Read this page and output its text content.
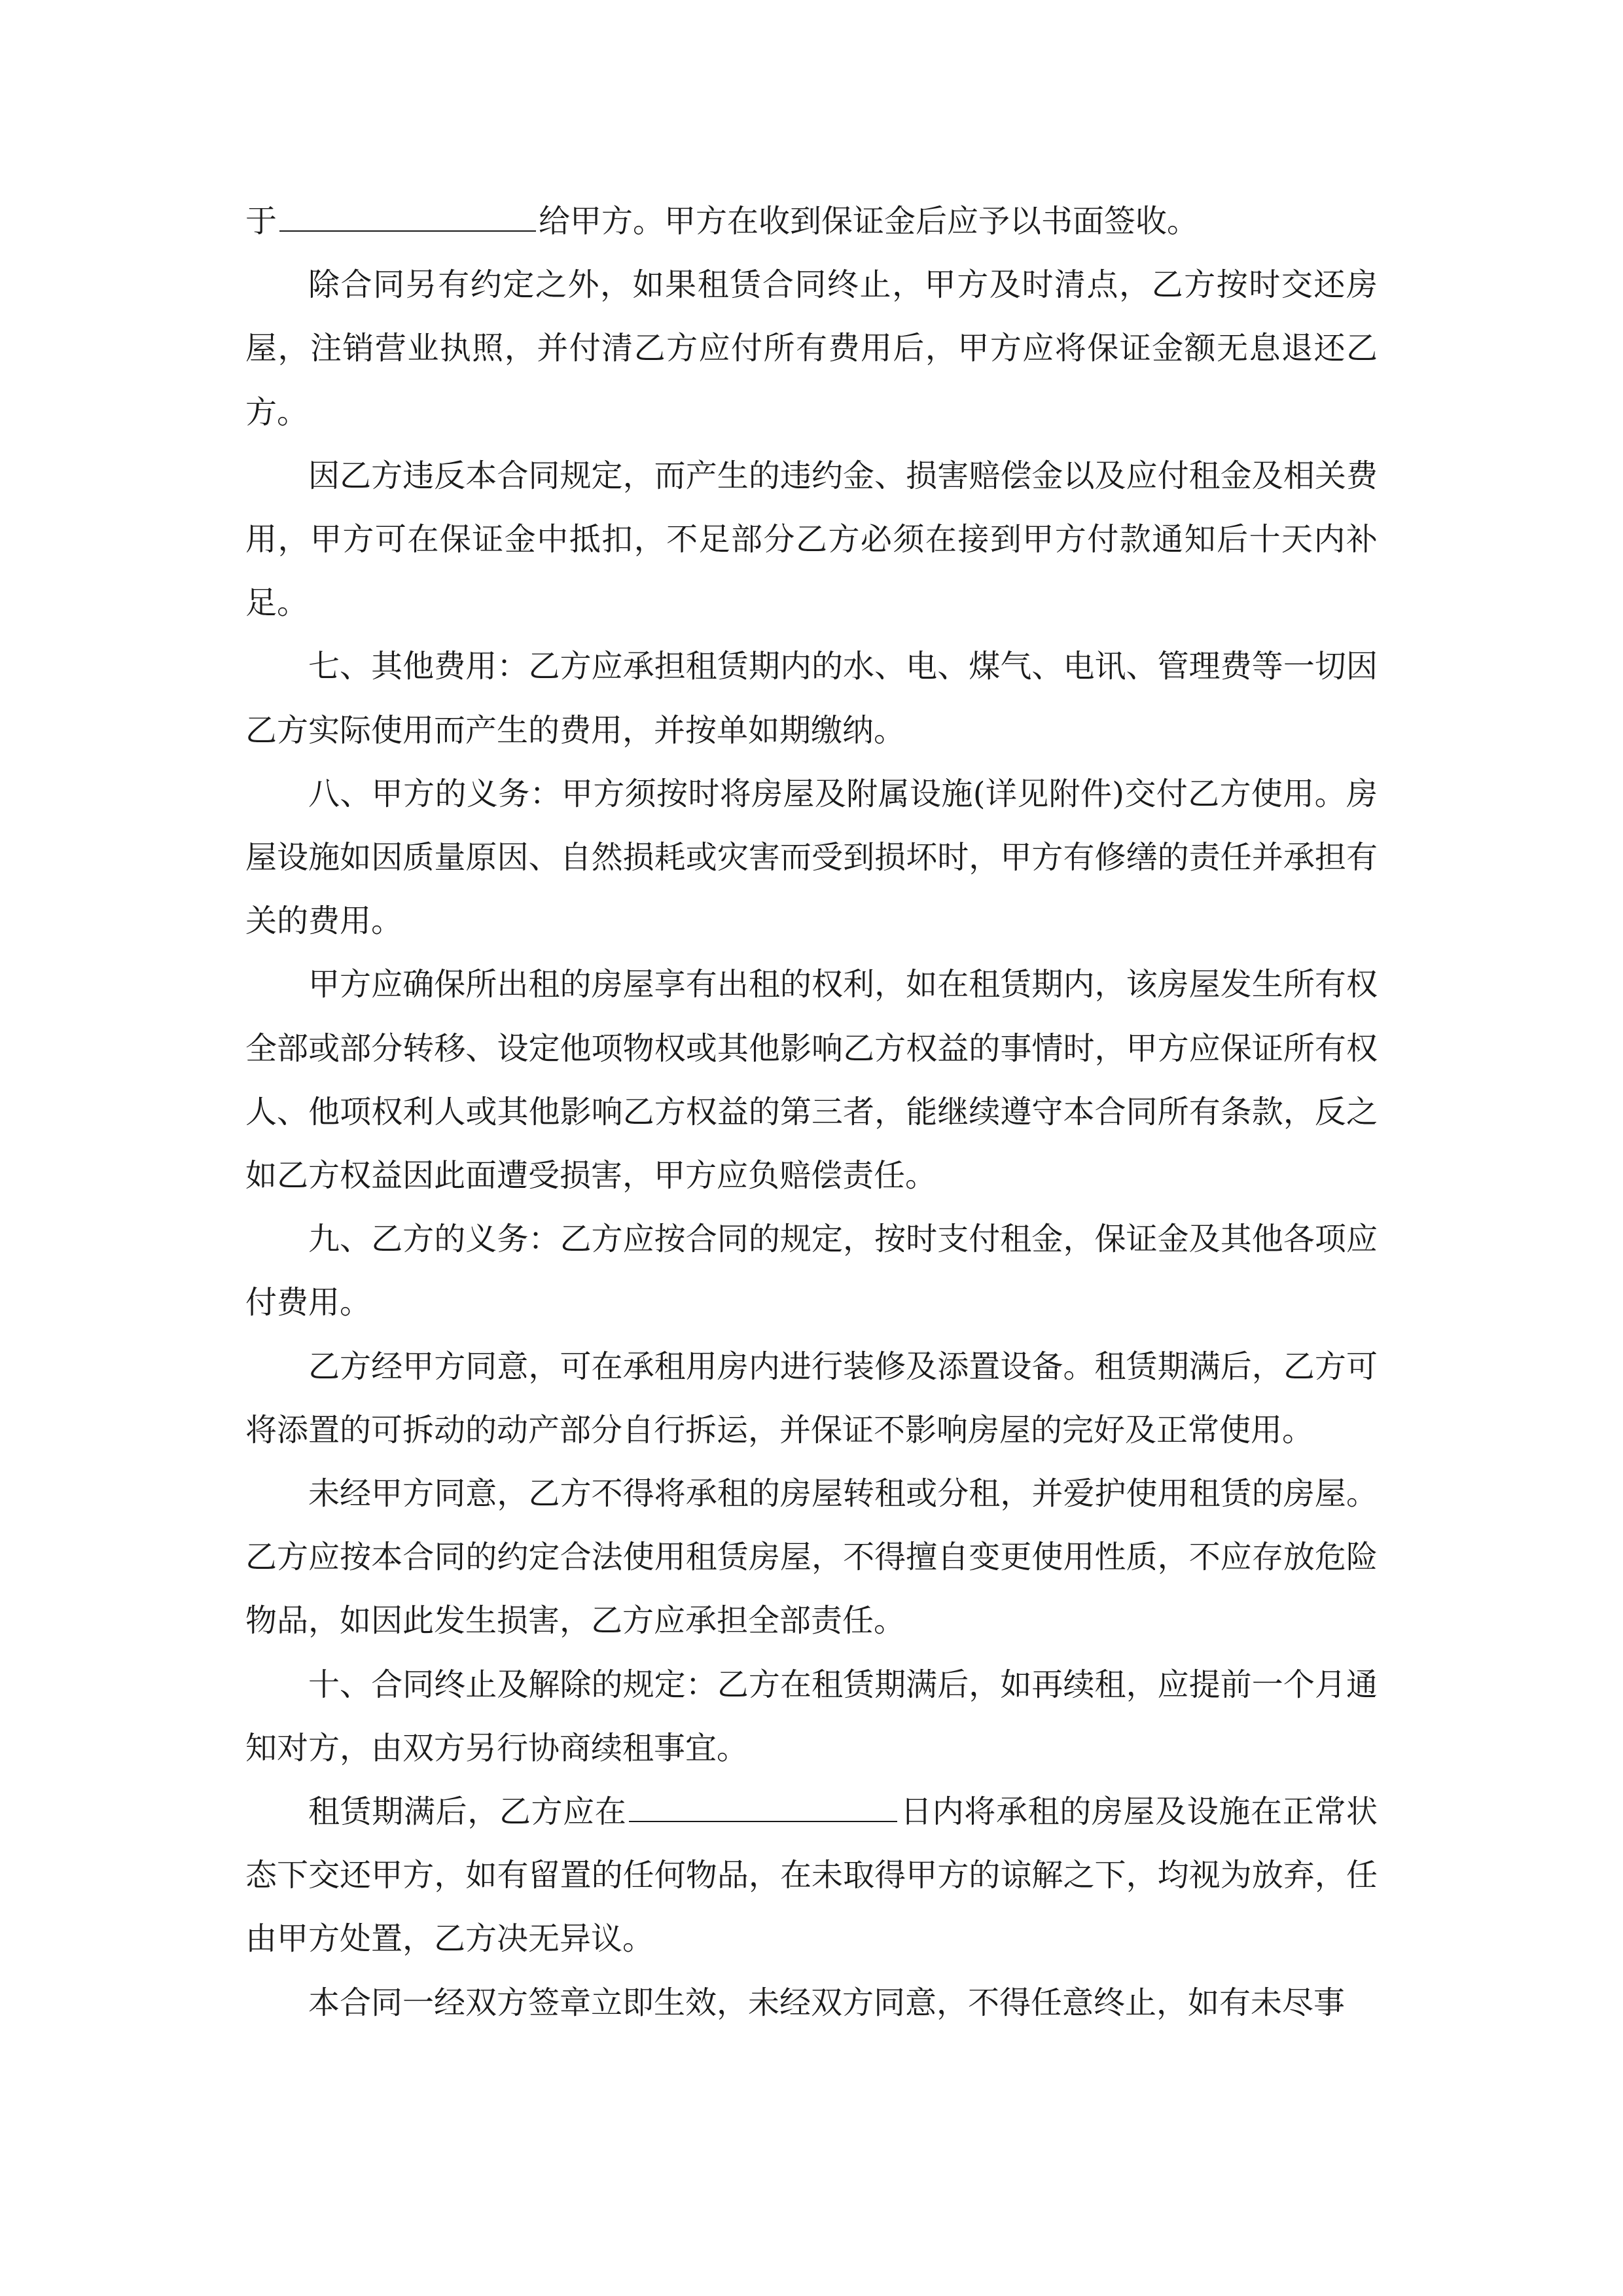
于	给甲方。甲方在收到保证金后应予以书面签收。

除合同另有约定之外，如果租赁合同终止，甲方及时清点，乙方按时交还房屋，注销营业执照，并付清乙方应付所有费用后，甲方应将保证金额无息退还乙方。

因乙方违反本合同规定，而产生的违约金、损害赔偿金以及应付租金及相关费用，甲方可在保证金中抵扣，不足部分乙方必须在接到甲方付款通知后十天内补足。

七、其他费用：乙方应承担租赁期内的水、电、煤气、电讯、管理费等一切因乙方实际使用而产生的费用，并按单如期缴纳。

八、甲方的义务：甲方须按时将房屋及附属设施(详见附件)交付乙方使用。房屋设施如因质量原因、自然损耗或灾害而受到损坏时，甲方有修缮的责任并承担有关的费用。

甲方应确保所出租的房屋享有出租的权利，如在租赁期内，该房屋发生所有权全部或部分转移、设定他项物权或其他影响乙方权益的事情时，甲方应保证所有权人、他项权利人或其他影响乙方权益的第三者，能继续遵守本合同所有条款，反之如乙方权益因此面遭受损害，甲方应负赔偿责任。

九、乙方的义务：乙方应按合同的规定，按时支付租金，保证金及其他各项应付费用。

乙方经甲方同意，可在承租用房内进行装修及添置设备。租赁期满后，乙方可将添置的可拆动的动产部分自行拆运，并保证不影响房屋的完好及正常使用。

未经甲方同意，乙方不得将承租的房屋转租或分租，并爱护使用租赁的房屋。乙方应按本合同的约定合法使用租赁房屋，不得擅自变更使用性质，不应存放危险物品，如因此发生损害，乙方应承担全部责任。

十、合同终止及解除的规定：乙方在租赁期满后，如再续租，应提前一个月通知对方，由双方另行协商续租事宜。

租赁期满后，乙方应在	日内将承租的房屋及设施在正常状态下交还甲方，如有留置的任何物品，在未取得甲方的谅解之下，均视为放弃，任由甲方处置，乙方决无异议。

本合同一经双方签章立即生效，未经双方同意，不得任意终止，如有未尽事
